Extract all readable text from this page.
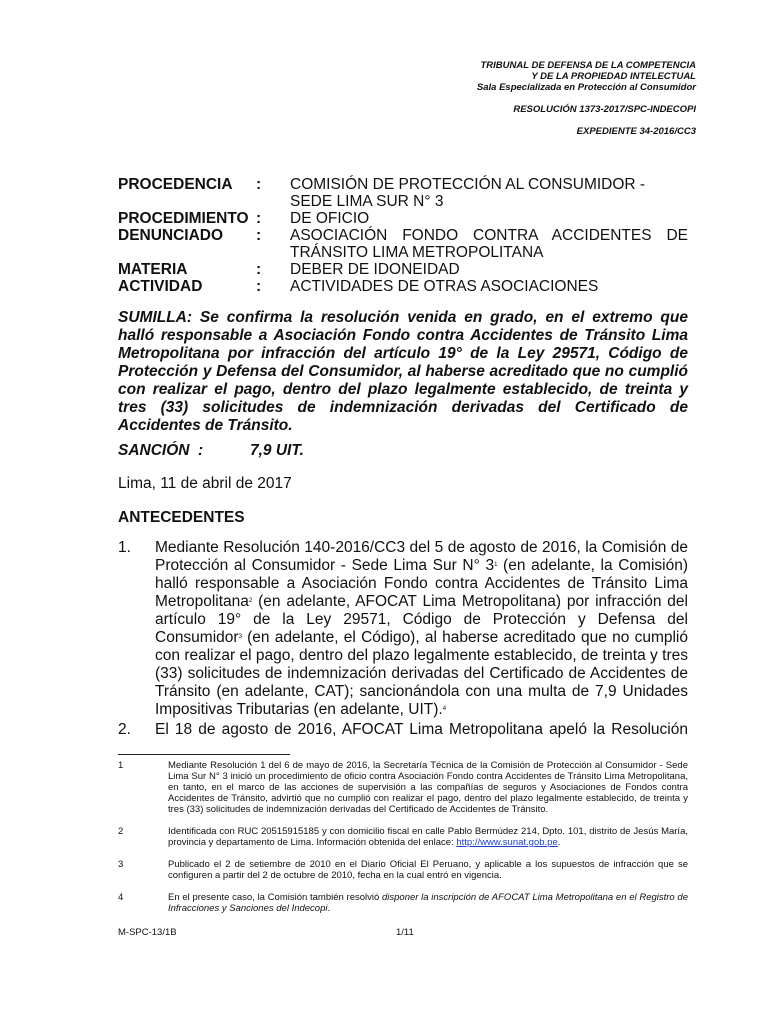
TRIBUNAL DE DEFENSA DE LA COMPETENCIA
Y DE LA PROPIEDAD INTELECTUAL
Sala Especializada en Protección al Consumidor
RESOLUCIÓN 1373-2017/SPC-INDECOPI
EXPEDIENTE 34-2016/CC3
PROCEDENCIA	:	COMISIÓN DE PROTECCIÓN AL CONSUMIDOR -
SEDE LIMA SUR N° 3
PROCEDIMIENTO :	DE OFICIO
DENUNCIADO	:	ASOCIACIÓN FONDO CONTRA ACCIDENTES DE
TRÁNSITO LIMA METROPOLITANA
MATERIA	:	DEBER DE IDONEIDAD
ACTIVIDAD	:	ACTIVIDADES DE OTRAS ASOCIACIONES
SUMILLA: Se confirma la resolución venida en grado, en el extremo que halló responsable a Asociación Fondo contra Accidentes de Tránsito Lima Metropolitana por infracción del artículo 19° de la Ley 29571, Código de Protección y Defensa del Consumidor, al haberse acreditado que no cumplió con realizar el pago, dentro del plazo legalmente establecido, de treinta y tres (33) solicitudes de indemnización derivadas del Certificado de Accidentes de Tránsito.
SANCIÓN :	7,9 UIT.
Lima, 11 de abril de 2017
ANTECEDENTES
1.	Mediante Resolución 140-2016/CC3 del 5 de agosto de 2016, la Comisión de Protección al Consumidor - Sede Lima Sur N° $3^1$ (en adelante, la Comisión) halló responsable a Asociación Fondo contra Accidentes de Tránsito Lima Metropolitana$^2$ (en adelante, AFOCAT Lima Metropolitana) por infracción del artículo 19° de la Ley 29571, Código de Protección y Defensa del Consumidor$^3$ (en adelante, el Código), al haberse acreditado que no cumplió con realizar el pago, dentro del plazo legalmente establecido, de treinta y tres (33) solicitudes de indemnización derivadas del Certificado de Accidentes de Tránsito (en adelante, CAT); sancionándola con una multa de 7,9 Unidades Impositivas Tributarias (en adelante, UIT).$^4$
2.	El 18 de agosto de 2016, AFOCAT Lima Metropolitana apeló la Resolución
1	Mediante Resolución 1 del 6 de mayo de 2016, la Secretaría Técnica de la Comisión de Protección al Consumidor - Sede Lima Sur N° 3 inició un procedimiento de oficio contra Asociación Fondo contra Accidentes de Tránsito Lima Metropolitana, en tanto, en el marco de las acciones de supervisión a las compañías de seguros y Asociaciones de Fondos contra Accidentes de Tránsito, advirtió que no cumplió con realizar el pago, dentro del plazo legalmente establecido, de treinta y tres (33) solicitudes de indemnización derivadas del Certificado de Accidentes de Tránsito.
2	Identificada con RUC 20515915185 y con domicilio fiscal en calle Pablo Bermúdez 214, Dpto. 101, distrito de Jesús María, provincia y departamento de Lima. Información obtenida del enlace: http://www.sunat.gob.pe.
3	Publicado el 2 de setiembre de 2010 en el Diario Oficial El Peruano, y aplicable a los supuestos de infracción que se configuren a partir del 2 de octubre de 2010, fecha en la cual entró en vigencia.
4	En el presente caso, la Comisión también resolvió disponer la inscripción de AFOCAT Lima Metropolitana en el Registro de Infracciones y Sanciones del Indecopi.
M-SPC-13/1B	1/11
